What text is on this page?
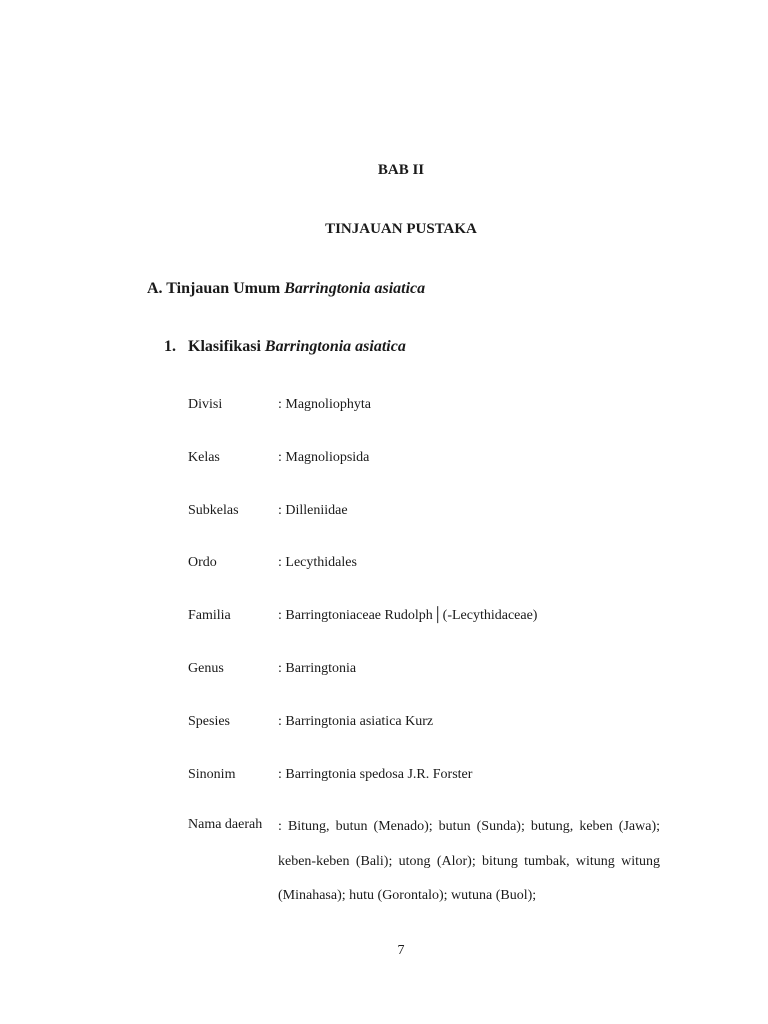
BAB II
TINJAUAN PUSTAKA
A. Tinjauan Umum Barringtonia asiatica
1. Klasifikasi Barringtonia asiatica
Divisi	: Magnoliophyta
Kelas	: Magnoliopsida
Subkelas	: Dilleniidae
Ordo	: Lecythidales
Familia	: Barringtoniaceae Rudolph│(-Lecythidaceae)
Genus	: Barringtonia
Spesies	: Barringtonia asiatica Kurz
Sinonim	: Barringtonia spedosa J.R. Forster
Nama daerah : Bitung, butun (Menado); butun (Sunda); butung, keben (Jawa); keben-keben (Bali); utong (Alor); bitung tumbak, witung witung (Minahasa); hutu (Gorontalo); wutuna (Buol);
7
